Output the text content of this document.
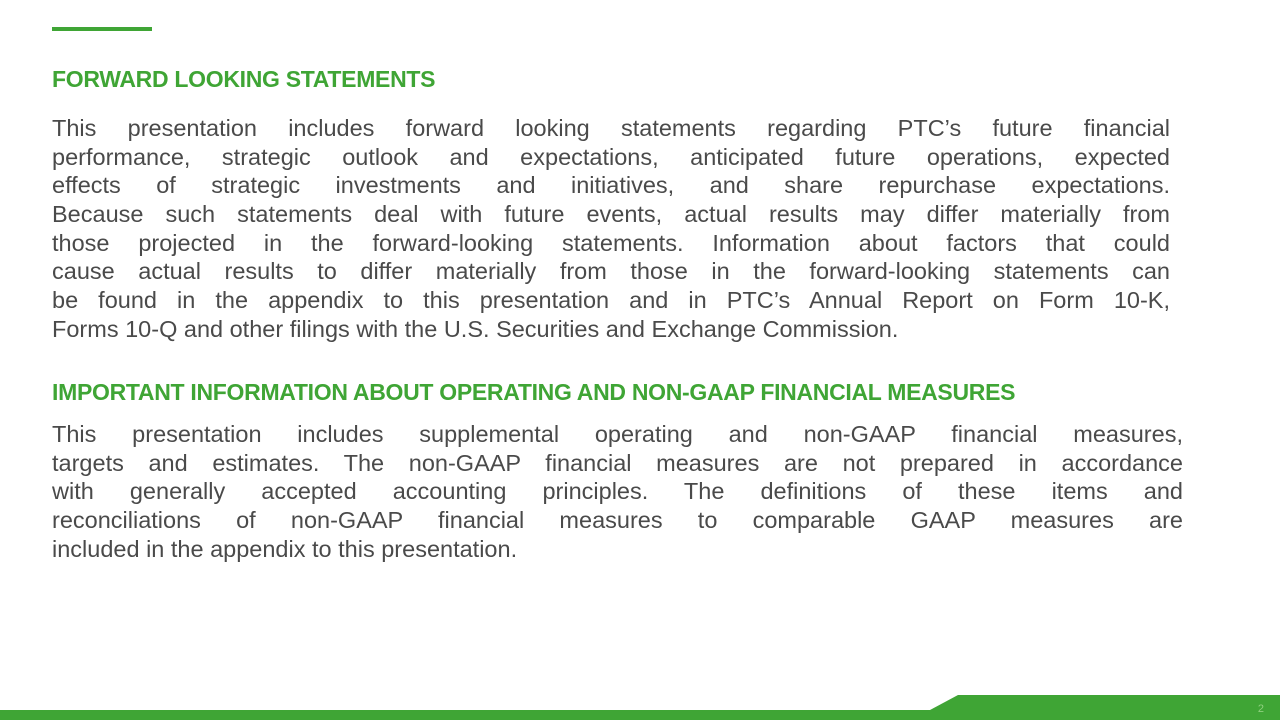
FORWARD LOOKING STATEMENTS
This presentation includes forward looking statements regarding PTC’s future financial
performance, strategic outlook and expectations, anticipated future operations, expected
effects of strategic investments and initiatives, and share repurchase expectations.
Because such statements deal with future events, actual results may differ materially from
those projected in the forward-looking statements. Information about factors that could
cause actual results to differ materially from those in the forward-looking statements can
be found in the appendix to this presentation and in PTC’s Annual Report on Form 10-K,
Forms 10-Q and other filings with the U.S. Securities and Exchange Commission.
IMPORTANT INFORMATION ABOUT OPERATING AND NON-GAAP FINANCIAL MEASURES
This presentation includes supplemental operating and non-GAAP financial measures,
targets and estimates. The non-GAAP financial measures are not prepared in accordance
with generally accepted accounting principles. The definitions of these items and
reconciliations of non-GAAP financial measures to comparable GAAP measures are
included in the appendix to this presentation.
2
